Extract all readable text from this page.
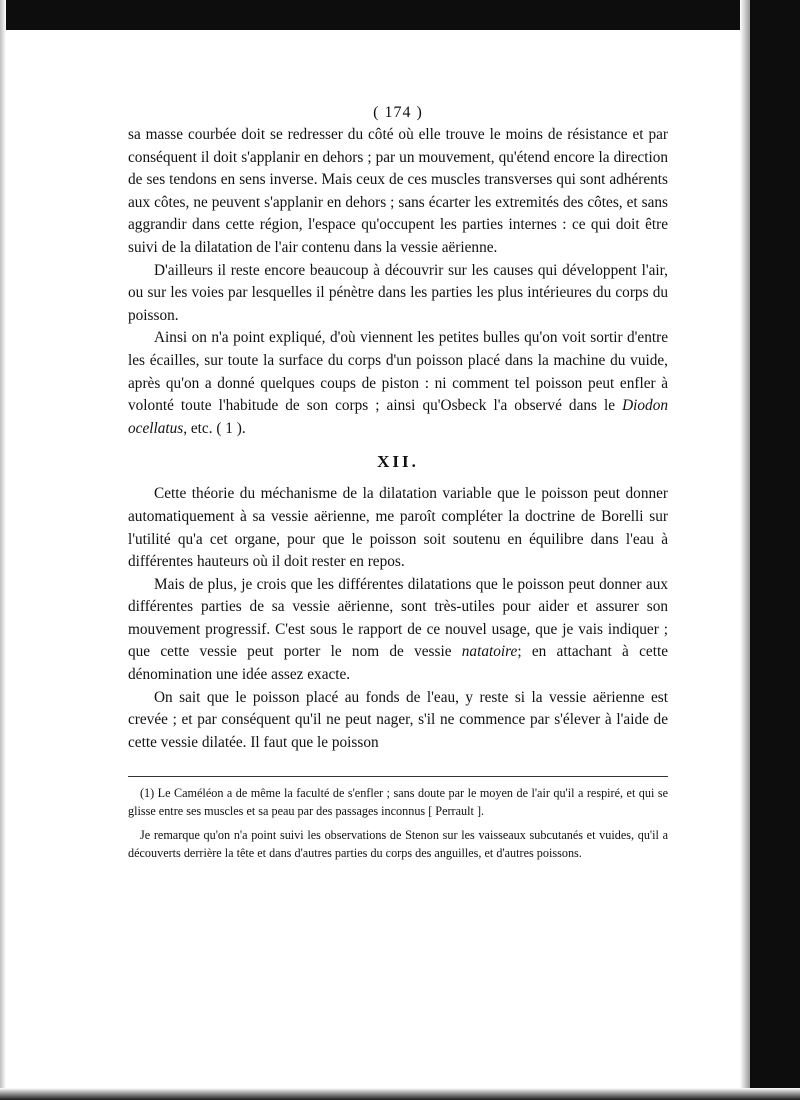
( 174 )

sa masse courbée doit se redresser du côté où elle trouve le moins de résistance et par conséquent il doit s'applanir en dehors ; par un mouvement, qu'étend encore la direction de ses tendons en sens inverse. Mais ceux de ces muscles transverses qui sont adhérents aux côtes, ne peuvent s'applanir en dehors ; sans écarter les extremités des côtes, et sans aggrandir dans cette région, l'espace qu'occupent les parties internes : ce qui doit être suivi de la dilatation de l'air contenu dans la vessie aërienne.

D'ailleurs il reste encore beaucoup à découvrir sur les causes qui développent l'air, ou sur les voies par lesquelles il pénètre dans les parties les plus intérieures du corps du poisson.

Ainsi on n'a point expliqué, d'où viennent les petites bulles qu'on voit sortir d'entre les écailles, sur toute la surface du corps d'un poisson placé dans la machine du vuide, après qu'on a donné quelques coups de piston : ni comment tel poisson peut enfler à volonté toute l'habitude de son corps ; ainsi qu'Osbeck l'a observé dans le Diodon ocellatus, etc. ( 1 ).

XII.

Cette théorie du méchanisme de la dilatation variable que le poisson peut donner automatiquement à sa vessie aërienne, me paroît compléter la doctrine de Borelli sur l'utilité qu'a cet organe, pour que le poisson soit soutenu en équilibre dans l'eau à différentes hauteurs où il doit rester en repos.

Mais de plus, je crois que les différentes dilatations que le poisson peut donner aux différentes parties de sa vessie aërienne, sont très-utiles pour aider et assurer son mouvement progressif. C'est sous le rapport de ce nouvel usage, que je vais indiquer ; que cette vessie peut porter le nom de vessie natatoire; en attachant à cette dénomination une idée assez exacte.

On sait que le poisson placé au fonds de l'eau, y reste si la vessie aërienne est crevée ; et par conséquent qu'il ne peut nager, s'il ne commence par s'élever à l'aide de cette vessie dilatée. Il faut que le poisson

(1) Le Caméléon a de même la faculté de s'enfler ; sans doute par le moyen de l'air qu'il a respiré, et qui se glisse entre ses muscles et sa peau par des passages inconnus [ Perrault ].

Je remarque qu'on n'a point suivi les observations de Stenon sur les vaisseaux subcutanés et vuides, qu'il a découverts derrière la tête et dans d'autres parties du corps des anguilles, et d'autres poissons.
